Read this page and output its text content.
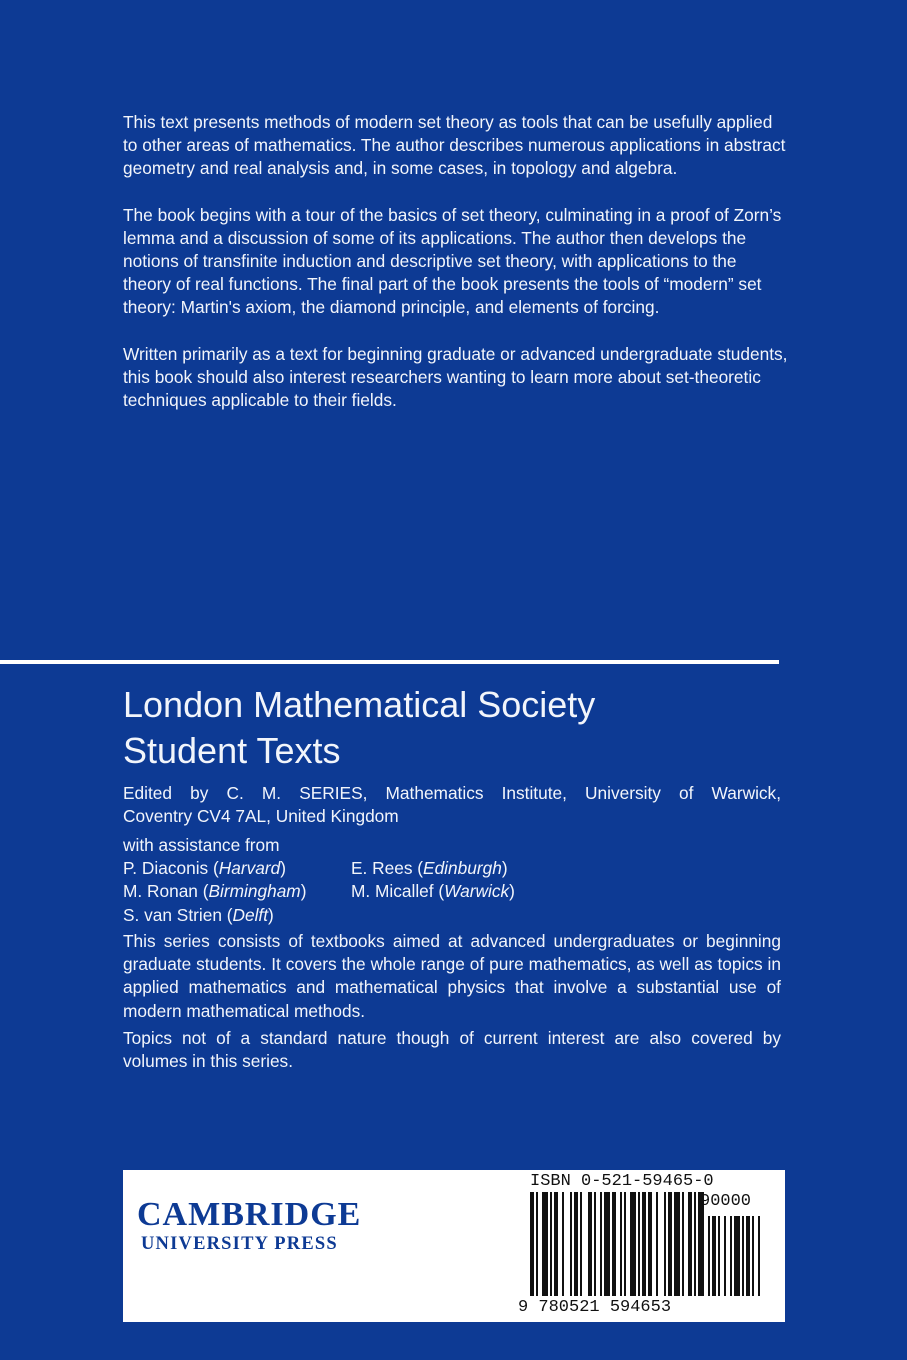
This text presents methods of modern set theory as tools that can be usefully applied to other areas of mathematics. The author describes numerous applications in abstract geometry and real analysis and, in some cases, in topology and algebra.

The book begins with a tour of the basics of set theory, culminating in a proof of Zorn’s lemma and a discussion of some of its applications. The author then develops the notions of transfinite induction and descriptive set theory, with applications to the theory of real functions. The final part of the book presents the tools of “modern” set theory: Martin's axiom, the diamond principle, and elements of forcing.

Written primarily as a text for beginning graduate or advanced undergraduate students, this book should also interest researchers wanting to learn more about set-theoretic techniques applicable to their fields.

London Mathematical Society
Student Texts
Edited by C. M. SERIES, Mathematics Institute, University of Warwick,
Coventry CV4 7AL, United Kingdom
with assistance from
P. Diaconis (Harvard)	E. Rees (Edinburgh)
M. Ronan (Birmingham)	M. Micallef (Warwick)
S. van Strien (Delft)

This series consists of textbooks aimed at advanced undergraduates or beginning graduate students. It covers the whole range of pure mathematics, as well as topics in applied mathematics and mathematical physics that involve a substantial use of modern mathematical methods.

Topics not of a standard nature though of current interest are also covered by volumes in this series.

CAMBRIDGE
UNIVERSITY PRESS
ISBN 0-521-59465-0
90000
9 780521 594653
